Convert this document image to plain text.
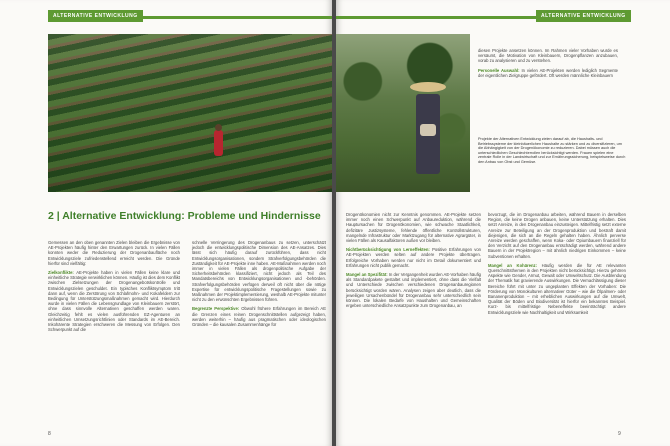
ALTERNATIVE ENTWICKLUNG
2 | Alternative Entwicklung: Probleme und Hindernisse

Gemessen an den oben genannten Zielen bleiben die Ergebnisse von AE-Projekten häufig hinter den Erwartungen zurück. In vielen Fällen konnten weder die Reduzierung der Drogenanbaufläche noch Entwicklungsziele zufriedenstellend erreicht werden. Die Gründe hierfür sind vielfältig:

Zielkonflikte: AE-Projekte haben in vielen Fällen keine klare und einheitliche Strategie verwirklichen können. Häufig ist dies dem Konflikt zwischen Zielsetzungen der Drogenangebotskontrolle und Entwicklungszielen geschuldet. Ein typisches Konfliktsymptom tritt dann auf, wenn die Zerstörung von Schlafmohn- und Kokafeldern zur Bedingung für Unterstützungsmaßnahmen gemacht wird. Hierdurch wurde in vielen Fällen die Lebensgrundlage von Kleinbauern zerstört, ohne dass sinnvolle Alternativen geschaffen werden waren. Gleichzeitig fehlt es vielen ausführenden EZ-Agenturen an einheitlichen Umsetzungsrichtlinien oder Standards im AE-Bereich. Inkohärente Strategien erschweren die Messung von Erfolgen. Den Schwerpunkt auf die

schnelle Verringerung des Drogenanbaus zu setzen, unterschätzt jedoch die entwicklungspolitische Dimension des AE-Ansatzes. Dies lässt sich häufig darauf zurückführen, dass nicht Entwicklungsorganisationen, sondern Strafverfolgungsbehörden die Zuständigkeit für AE-Projekte inne haben. AE-Maßnahmen werden noch immer in vielen Fällen als drogenpolitische Aufgabe der Sicherheitsbehörden klassifiziert, nicht jedoch als Teil des Mandatsbereichs von Entwicklungsorganisationen und -behörden. Strafverfolgungsbehörden verfügen derweil oft nicht über die nötige Expertise für entwicklungspolitische Fragestellungen sowie zu Maßnahmen der Projektimplementierung, weshalb AE-Projekte mitunter nicht zu den erwünschten Ergebnissen führen.

Begrenzte Perspektive: Obwohl frühere Erfahrungen im Bereich AE die Grenzen eines reinen Drogenschnittstellen aufgezeigt haben, werden weiterhin – häufig aus pragmatischen oder ideologischen Gründen – die kausalen Zusammenhänge für

8
ALTERNATIVE ENTWICKLUNG

diesen Projekte ansetzen können. Im Rahmen vieler Vorhaben wurde es versäumt, die Motivation von Kleinbauern, Drogenpflanzen anzubauen, vorab zu analysieren und zu verstehen.

Personelle Auswahl: In vielen AE-Projekten werden lediglich Segmente der eigentlichen Zielgruppe gefördert. Oft werden männliche Kleinbauern

Drogenökonomien nicht zur Kenntnis genommen. AE-Projekte setzen immer noch einen Schwerpunkt auf Anbaureduktion, während die Hauptursachen für Drogenökonomien, wie schwache Staatlichkeit, defizitäre Justizsysteme, fehlende öffentliche Kontrollstrukturen, mangelnde Infrastruktur oder Marktzugang für alternative Agrargüter, in vielen Fällen als Kausalfaktoren außen vor bleiben.

Nichtberücksichtigung von Lerneffekten: Positive Erfahrungen von AE-Projekten werden selten auf andere Projekte übertragen. Erfolgreiche Vorhaben werden nur nicht im Detail dokumentiert und Erfahrungen nicht publik gemacht.

Mangel an Spezifität: In der Vergangenheit wurden AE-Vorhaben häufig als Standardpakete gestaltet und implementiert, ohne dass die Vielfalt und Unterschiede zwischen verschiedenen Drogenanbauregionen berücksichtigt worden wären. Analysen zeigen aber deutlich, dass die jeweiligen Ursachenbündel für Drogenanbau sehr unterschiedlich sein können. Die lokalen Bedarfe von Haushalten und Gemeinschaften ergeben unterschiedliche Ansatzpunkte zum Drogenanbau, an

bevorzugt, die im Drogenanbau arbeiten, während Bauern in derselben Region, die keine Drogen anbauen, keine Unterstützung erhalten. Dies setzt Anreize, in den Drogenanbau einzusteigen. Mittelfristig setzt externe Anreize zur Beteiligung an der Drogenproduktion und bestraft damit diejenigen, die sich an die Regeln gehalten haben. Ähnlich perverse Anreize werden geschaffen, wenn Koka- oder Opiumbauern finanziell für den Verzicht auf den Drogenanbau entschädigt werden, während andere Bauern in der Projektregion – mit ähnlich niedrigen Einkommen – keine Subventionen erhalten.

Mangel an Kohärenz: Häufig werden die für AE relevanten Querschnittsthemen in den Projekten nicht berücksichtigt. Hierzu gehören Aspekte wie Gender, Armut, Gewalt oder Umweltschutz. Die Ausblendung der Thematik hat gravierende Auswirkungen. Die Vernachlässigung dieser Bereiche führt mit unter zu ungeplanten Effekten der Vorhaben: Die Förderung von Monokulturen alternativer Güter – wie die Ölpalmen- oder Bananenproduktion – mit erheblichen Auswirkungen auf die Umwelt, Qualität der Böden und Biodiversität ist hierfür ein bekanntes Beispiel. Kurz- bis mittelfristige Nebeneffekte beeinträchtigt andere Entwicklungsziele wie Nachhaltigkeit und Wirksamkeit

9
Projekte der Alternativen Entwicklung zielen darauf ab, die Haushalts- und Betriebssysteme der kleinbäuerlichen Haushalte zu stärken und zu diversifizieren, um die Abhängigkeit von der Drogenökonomie zu reduzieren. Dabei müssen auch die unterschiedlichen Geschlechterrollen berücksichtigt werden. Frauen spielen eine zentrale Rolle in der Landwirtschaft und zur Ernährungssicherung, beispielsweise durch den Anbau von Obst und Gemüse.
